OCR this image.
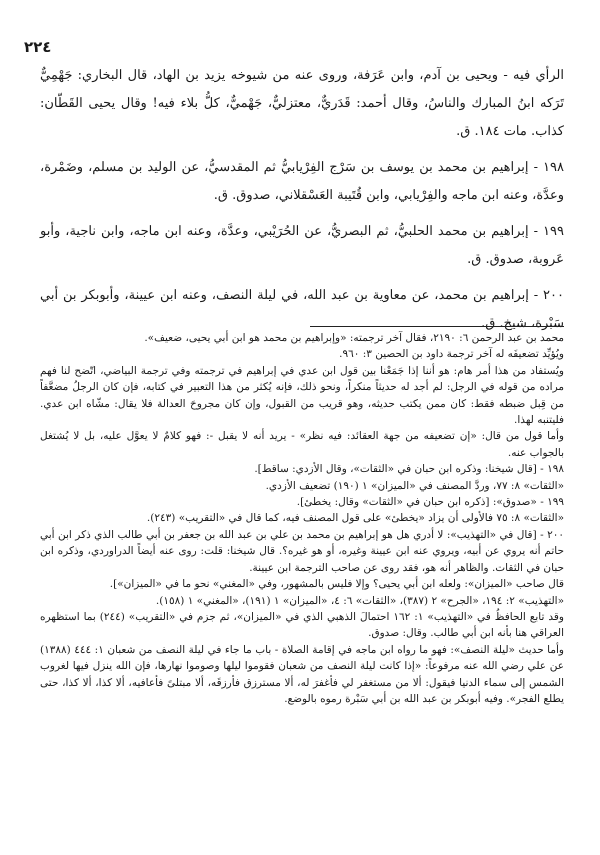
٢٢٤

الرأي فيه - ويحيى بن آدم، وابن عَرَفة، وروى عنه من شيوخه يزيد بن الهاد، قال البخاري: جَهْمِيٌّ تَرَكه ابنُ المبارك والناسُ، وقال أحمد: قَدَريٌّ، معتزليٌّ، جَهْميٌّ، كلُّ بلاء فيه! وقال يحيى القَطّان: كذاب. مات ١٨٤. ق.

١٩٨ - إبراهيم بن محمد بن يوسف بن سَرْج الفِرْيابيُّ ثم المقدسيُّ، عن الوليد بن مسلم، وضَمْرة، وعدَّة، وعنه ابن ماجه والفِرْيابي، وابن قُتَيبة العَسْقلاني، صدوق. ق.

١٩٩ - إبراهيم بن محمد الحلبيُّ، ثم البصريُّ، عن الحُرَيْبي، وعدَّة، وعنه ابن ماجه، وابن ناجية، وأبو عَروبة، صدوق. ق.

٢٠٠ - إبراهيم بن محمد، عن معاوية بن عبد الله، في ليلة النصف، وعنه ابن عيينة، وأبوبكر بن أبي سَبْرة، شيخ. ق.

محمد بن عبد الرحمن ٦: ٢١٩٠، فقال آخر ترجمته: «وإبراهيم بن محمد هو ابن أبي يحيى، ضعيف».

ويُؤيِّد تضعيفَه له آخر ترجمة داود بن الحصين ٣: ٩٦٠.

ويُستفاد من هذا أمر هام: هو أننا إذا جَمَعْنا بين قول ابن عدي في إبراهيم في ترجمته وفي ترجمة البياضي، اتّضح لنا فهم مراده من قوله في الرجل: لم أجد له حديثاً منكراً، ونحو ذلك، فإنه يُكثر من هذا التعبير في كتابه، فإن كان الرجلُ مضعَّفاً من قِبل ضبطه فقط: كان ممن يكتب حديثه، وهو قريب من القبول، وإن كان مجروحَ العدالة فلا يقال: مشّاه ابن عدي. فليتنبه لهذا.

وأما قول من قال: «إن تضعيفه من جهة العقائد: فيه نظر» - يريد أنه لا يقبل -: فهو كلامٌ لا يعوَّل عليه، بل لا يُشتغل بالجواب عنه.

١٩٨ - [قال شيخنا: وذكره ابن حبان في «الثقات»، وقال الأزدي: ساقط].

«الثقات» ٨: ٧٧، وردَّ المصنف في «الميزان» ١ (١٩٠) تضعيف الأزدي.

١٩٩ - «صدوق»: [ذكره ابن حبان في «الثقات» وقال: يخطئ].

«الثقات» ٨: ٧٥ فالأولى أن يزاد «يخطئ» على قول المصنف فيه، كما قال في «التقريب» (٢٤٣).

٢٠٠ - [قال في «التهذيب»: لا أدري هل هو إبراهيم بن محمد بن علي بن عبد الله بن جعفر بن أبي طالب الذي ذكر ابن أبي حاتم أنه يروي عن أبيه، ويروي عنه ابن عيينة وغيره، أو هو غيره؟. قال شيخنا: قلت: روى عنه أيضاً الدراوردي، وذكره ابن حبان في الثقات. والظاهر أنه هو، فقد روى عن صاحب الترجمة ابن عيينة.

قال صاحب «الميزان»: ولعله ابن أبي يحيى؟ وإلا فليس بالمشهور، وفي «المغني» نحو ما في «الميزان»].

«التهذيب» ٢: ١٩٤، «الجرح» ٢ (٣٨٧)، «الثقات» ٦: ٤، «الميزان» ١ (١٩١)، «المغني» ١ (١٥٨).

وقد تابع الحافظُ في «التهذيب» ١: ١٦٢ احتمالَ الذهبي الذي في «الميزان»، ثم جزم في «التقريب» (٢٤٤) بما استظهره العراقي هنا بأنه ابن أبي طالب. وقال: صدوق.

وأما حديث «ليلة النصف»: فهو ما رواه ابن ماجه في إقامة الصلاة - باب ما جاء في ليلة النصف من شعبان ١: ٤٤٤ (١٣٨٨) عن علي رضي الله عنه مرفوعاً: «إذا كانت ليلة النصف من شعبان فقوموا ليلها وصوموا نهارها، فإن الله ينزل فيها لغروب الشمس إلى سماء الدنيا فيقول: ألا من مستغفر لي فأغفرَ له، ألا مسترزق فأرزقَه، ألا مبتلىً فأعافيه، ألا كذا، ألا كذا، حتى يطلع الفجر». وفيه أبوبكر بن عبد الله بن أبي سَبْرة رموه بالوضع.
